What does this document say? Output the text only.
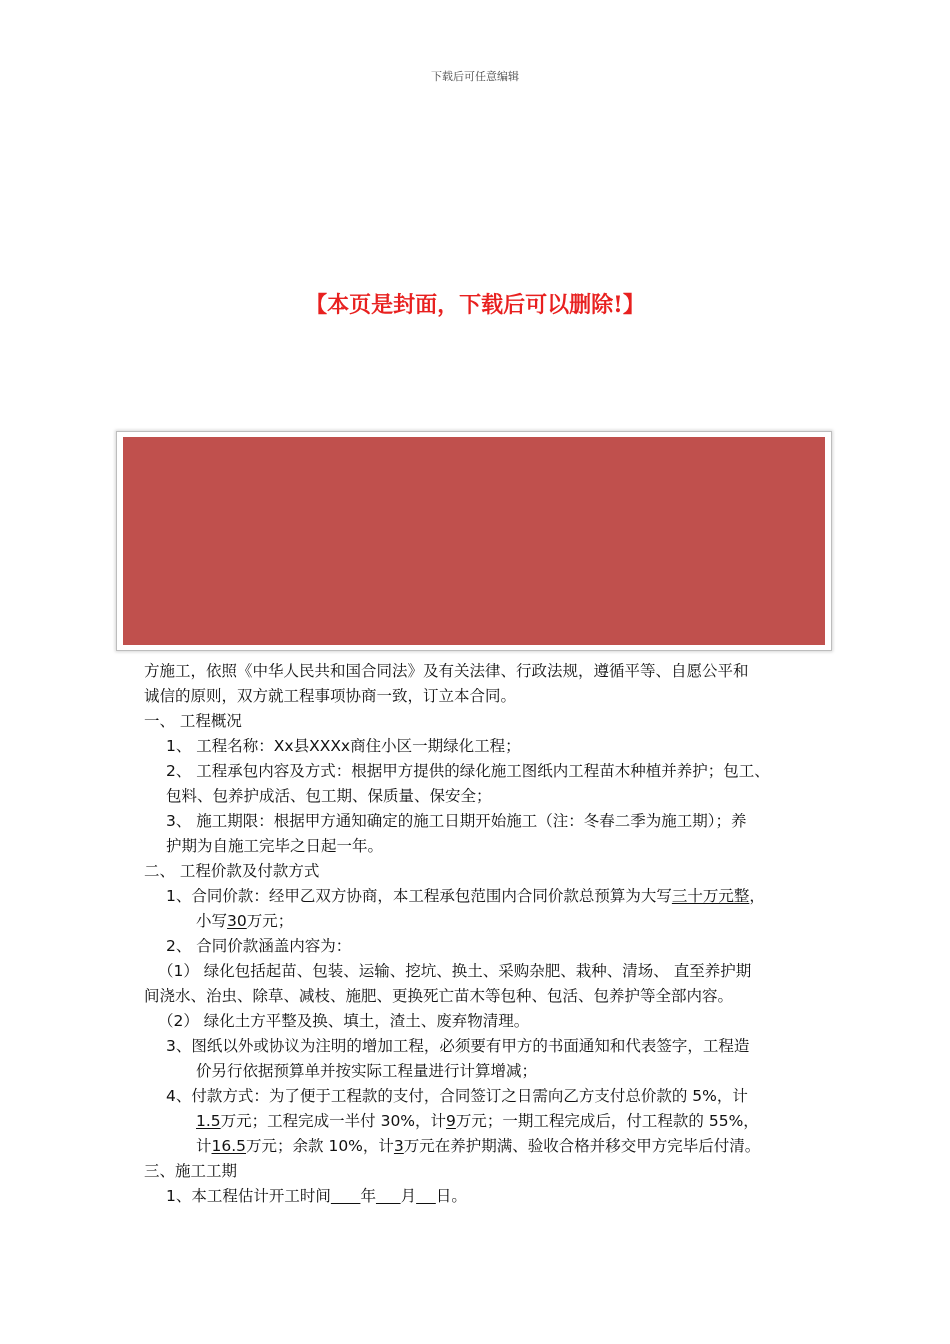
下载后可任意编辑
【本页是封面，下载后可以删除!】
方施工，依照《中华人民共和国合同法》及有关法律、行政法规，遵循平等、自愿公平和
诚信的原则，双方就工程事项协商一致，订立本合同。
一、 工程概况
1、 工程名称：Xx县XXXx商住小区一期绿化工程；
2、 工程承包内容及方式：根据甲方提供的绿化施工图纸内工程苗木种植并养护；包工、
包料、包养护成活、包工期、保质量、保安全；
3、 施工期限：根据甲方通知确定的施工日期开始施工（注：冬春二季为施工期）；养
护期为自施工完毕之日起一年。
二、 工程价款及付款方式
1、合同价款：经甲乙双方协商，本工程承包范围内合同价款总预算为大写三十万元整，
小写30万元；
2、 合同价款涵盖内容为：
（1） 绿化包括起苗、包装、运输、挖坑、换土、采购杂肥、栽种、清场、 直至养护期
间浇水、治虫、除草、减枝、施肥、更换死亡苗木等包种、包活、包养护等全部内容。
（2） 绿化土方平整及换、填土，渣土、废弃物清理。
3、图纸以外或协议为注明的增加工程，必须要有甲方的书面通知和代表签字，工程造
价另行依据预算单并按实际工程量进行计算增减；
4、付款方式：为了便于工程款的支付，合同签订之日需向乙方支付总价款的 5%，计
1.5万元；工程完成一半付 30%，计9万元；一期工程完成后，付工程款的 55%，
计16.5万元；余款 10%，计3万元在养护期满、验收合格并移交甲方完毕后付清。
三、施工工期
1、本工程估计开工时间 年 月 日。
